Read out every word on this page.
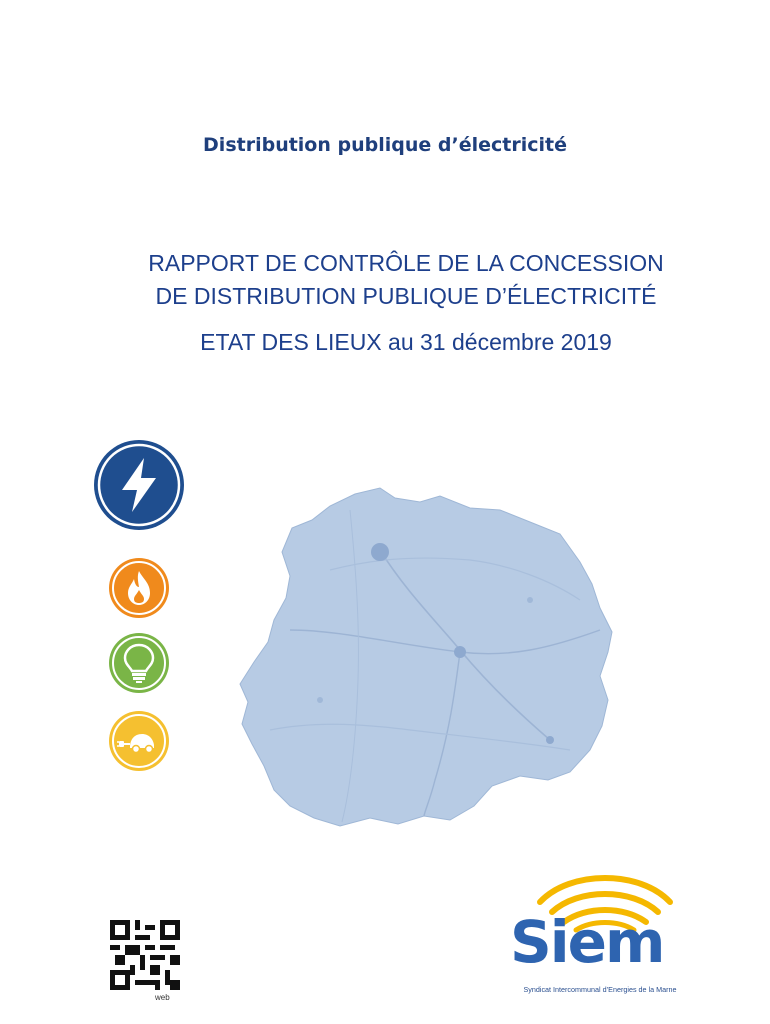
Distribution publique d’électricité
RAPPORT DE CONTRÔLE DE LA CONCESSION
DE DISTRIBUTION PUBLIQUE D’ÉLECTRICITÉ
ETAT DES LIEUX au 31 décembre 2019
web
Siem
Syndicat Intercommunal d’Energies de la Marne
